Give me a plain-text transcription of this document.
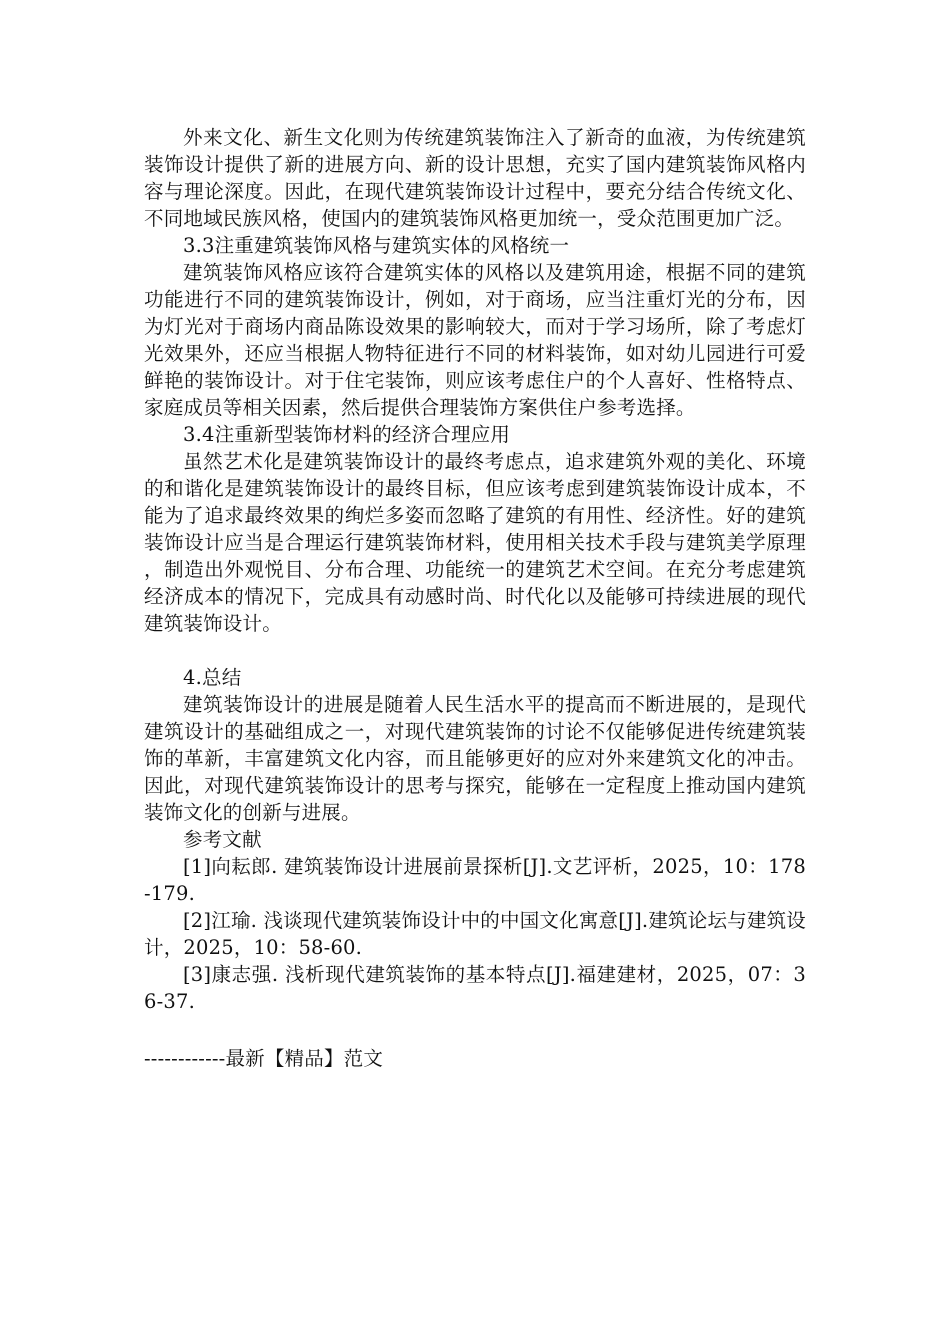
外来文化、新生文化则为传统建筑装饰注入了新奇的血液，为传统建筑装饰设计提供了新的进展方向、新的设计思想，充实了国内建筑装饰风格内容与理论深度。因此，在现代建筑装饰设计过程中，要充分结合传统文化、不同地域民族风格，使国内的建筑装饰风格更加统一，受众范围更加广泛。

3.3注重建筑装饰风格与建筑实体的风格统一

建筑装饰风格应该符合建筑实体的风格以及建筑用途，根据不同的建筑功能进行不同的建筑装饰设计，例如，对于商场，应当注重灯光的分布，因为灯光对于商场内商品陈设效果的影响较大，而对于学习场所，除了考虑灯光效果外，还应当根据人物特征进行不同的材料装饰，如对幼儿园进行可爱鲜艳的装饰设计。对于住宅装饰，则应该考虑住户的个人喜好、性格特点、家庭成员等相关因素，然后提供合理装饰方案供住户参考选择。

3.4注重新型装饰材料的经济合理应用

虽然艺术化是建筑装饰设计的最终考虑点，追求建筑外观的美化、环境的和谐化是建筑装饰设计的最终目标，但应该考虑到建筑装饰设计成本，不能为了追求最终效果的绚烂多姿而忽略了建筑的有用性、经济性。好的建筑装饰设计应当是合理运行建筑装饰材料，使用相关技术手段与建筑美学原理，制造出外观悦目、分布合理、功能统一的建筑艺术空间。在充分考虑建筑经济成本的情况下，完成具有动感时尚、时代化以及能够可持续进展的现代建筑装饰设计。

4.总结

建筑装饰设计的进展是随着人民生活水平的提高而不断进展的，是现代建筑设计的基础组成之一，对现代建筑装饰的讨论不仅能够促进传统建筑装饰的革新，丰富建筑文化内容，而且能够更好的应对外来建筑文化的冲击。因此，对现代建筑装饰设计的思考与探究，能够在一定程度上推动国内建筑装饰文化的创新与进展。

参考文献

[1]向耘郎. 建筑装饰设计进展前景探析[J].文艺评析，2025，10：178-179.

[2]江瑜. 浅谈现代建筑装饰设计中的中国文化寓意[J].建筑论坛与建筑设计，2025，10：58-60.

[3]康志强. 浅析现代建筑装饰的基本特点[J].福建建材，2025，07：36-37.

------------最新【精品】范文
